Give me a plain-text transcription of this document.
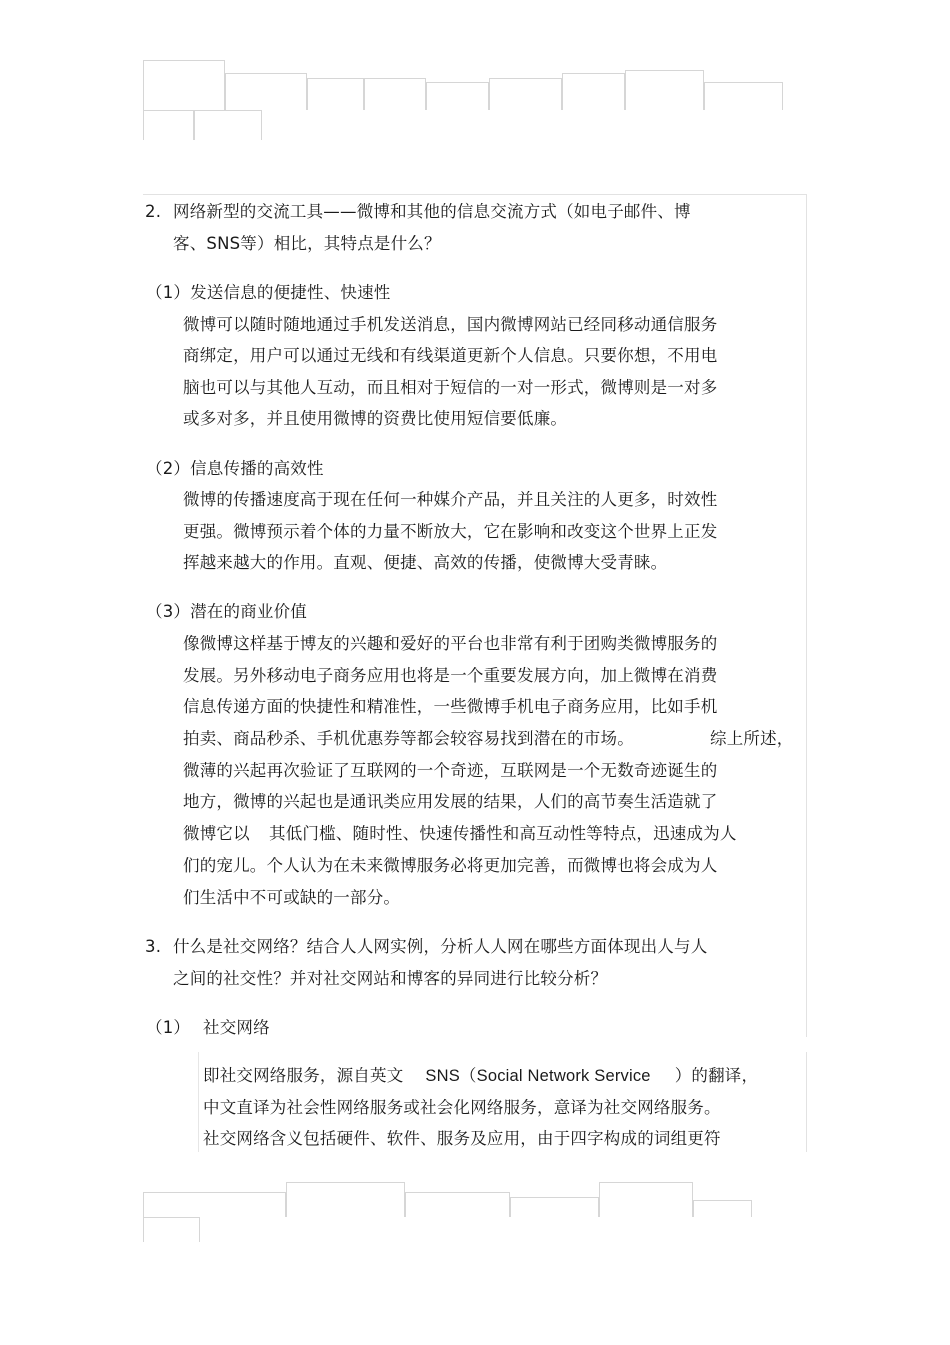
2. 网络新型的交流工具——微博和其他的信息交流方式（如电子邮件、博
客、SNS等）相比，其特点是什么？
（1）发送信息的便捷性、快速性
微博可以随时随地通过手机发送消息，国内微博网站已经同移动通信服务
商绑定，用户可以通过无线和有线渠道更新个人信息。只要你想，不用电
脑也可以与其他人互动，而且相对于短信的一对一形式，微博则是一对多
或多对多，并且使用微博的资费比使用短信要低廉。
（2）信息传播的高效性
微博的传播速度高于现在任何一种媒介产品，并且关注的人更多，时效性
更强。微博预示着个体的力量不断放大，它在影响和改变这个世界上正发
挥越来越大的作用。直观、便捷、高效的传播，使微博大受青睐。
（3）潜在的商业价值
像微博这样基于博友的兴趣和爱好的平台也非常有利于团购类微博服务的
发展。另外移动电子商务应用也将是一个重要发展方向，加上微博在消费
信息传递方面的快捷性和精准性，一些微博手机电子商务应用，比如手机
拍卖、商品秒杀、手机优惠券等都会较容易找到潜在的市场。	综上所述，
微薄的兴起再次验证了互联网的一个奇迹，互联网是一个无数奇迹诞生的
地方，微博的兴起也是通讯类应用发展的结果，人们的高节奏生活造就了
微博它以 其低门槛、随时性、快速传播性和高互动性等特点，迅速成为人
们的宠儿。个人认为在未来微博服务必将更加完善，而微博也将会成为人
们生活中不可或缺的一部分。
3. 什么是社交网络？结合人人网实例，分析人人网在哪些方面体现出人与人
之间的社交性？并对社交网站和博客的异同进行比较分析？
（1） 社交网络
即社交网络服务，源自英文 SNS（Social Network Service ）的翻译，
中文直译为社会性网络服务或社会化网络服务，意译为社交网络服务。
社交网络含义包括硬件、软件、服务及应用，由于四字构成的词组更符
